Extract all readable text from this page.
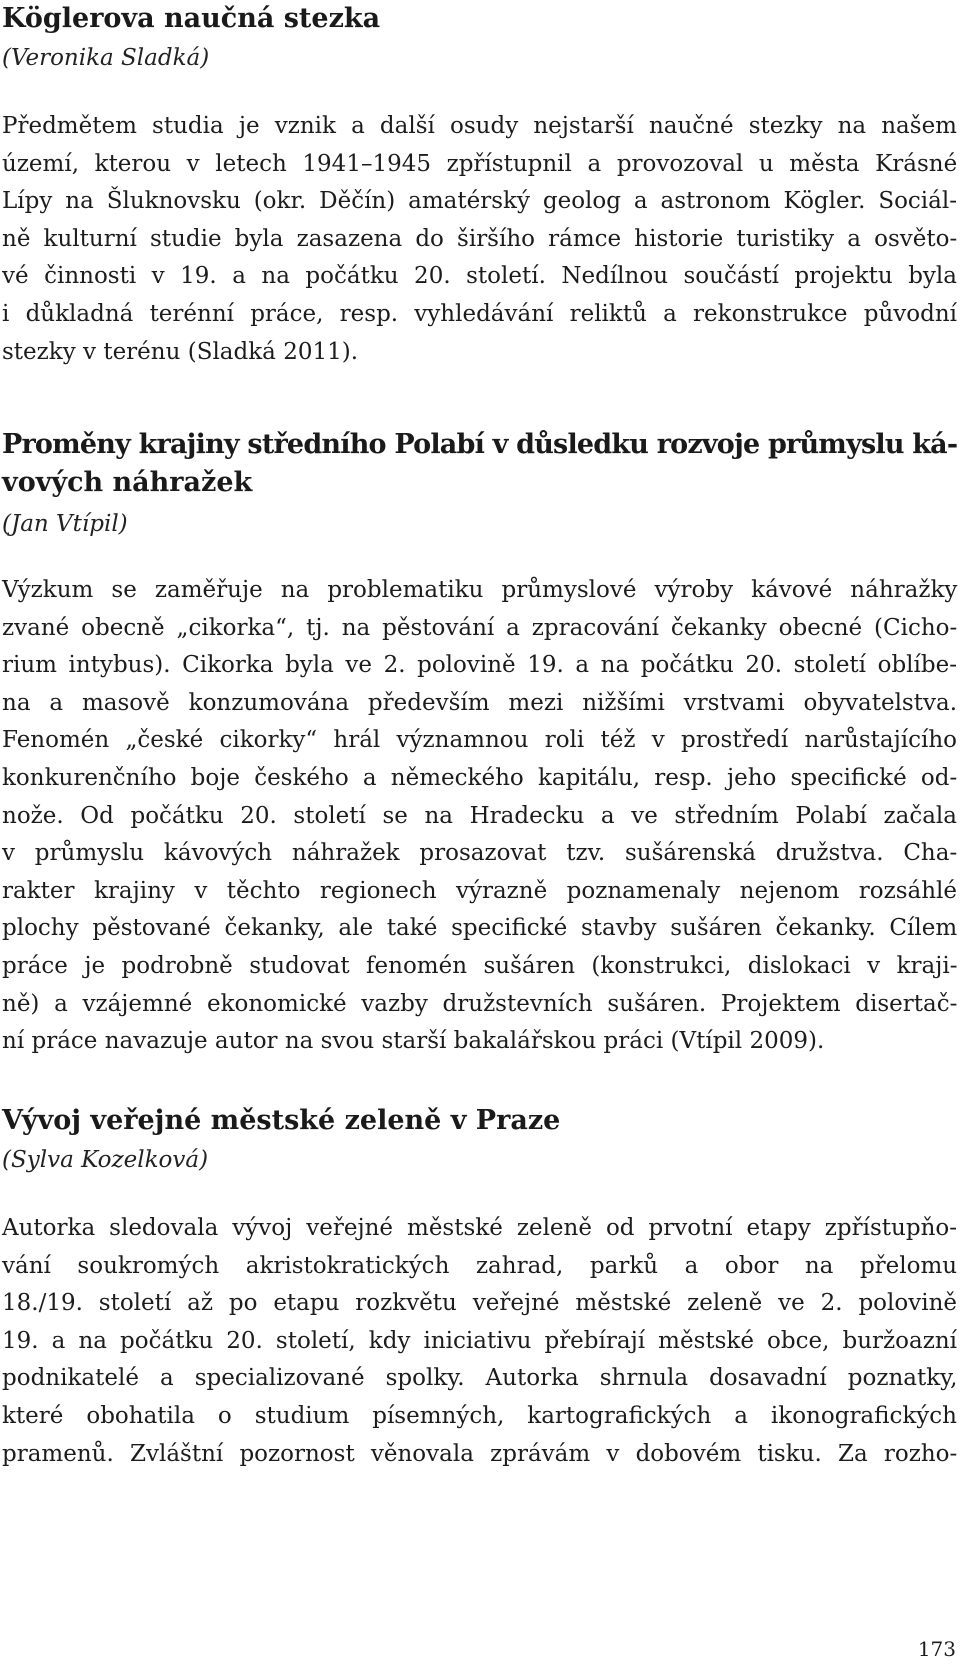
Köglerova naučná stezka

(Veronika Sladká)

Předmětem studia je vznik a další osudy nejstarší naučné stezky na našem
území, kterou v letech 1941–1945 zpřístupnil a provozoval u města Krásné
Lípy na Šluknovsku (okr. Děčín) amatérský geolog a astronom Kögler. Sociál-
ně kulturní studie byla zasazena do širšího rámce historie turistiky a osvěto-
vé činnosti v 19. a na počátku 20. století. Nedílnou součástí projektu byla
i důkladná terénní práce, resp. vyhledávání reliktů a rekonstrukce původní
stezky v terénu (Sladká 2011).
Proměny krajiny středního Polabí v důsledku rozvoje průmyslu ká-
vových náhražek

(Jan Vtípil)

Výzkum se zaměřuje na problematiku průmyslové výroby kávové náhražky
zvané obecně „cikorka“, tj. na pěstování a zpracování čekanky obecné (Cicho-
rium intybus). Cikorka byla ve 2. polovině 19. a na počátku 20. století oblíbe-
na a masově konzumována především mezi nižšími vrstvami obyvatelstva.
Fenomén „české cikorky“ hrál významnou roli též v prostředí narůstajícího
konkurenčního boje českého a německého kapitálu, resp. jeho specifické od-
nože. Od počátku 20. století se na Hradecku a ve středním Polabí začala
v průmyslu kávových náhražek prosazovat tzv. sušárenská družstva. Cha-
rakter krajiny v těchto regionech výrazně poznamenaly nejenom rozsáhlé
plochy pěstované čekanky, ale také specifické stavby sušáren čekanky. Cílem
práce je podrobně studovat fenomén sušáren (konstrukci, dislokaci v kraji-
ně) a vzájemné ekonomické vazby družstevních sušáren. Projektem disertač-
ní práce navazuje autor na svou starší bakalářskou práci (Vtípil 2009).
Vývoj veřejné městské zeleně v Praze

(Sylva Kozelková)

Autorka sledovala vývoj veřejné městské zeleně od prvotní etapy zpřístupňo-
vání soukromých akristokratických zahrad, parků a obor na přelomu
18./19. století až po etapu rozkvětu veřejné městské zeleně ve 2. polovině
19. a na počátku 20. století, kdy iniciativu přebírají městské obce, buržoazní
podnikatelé a specializované spolky. Autorka shrnula dosavadní poznatky,
které obohatila o studium písemných, kartografických a ikonografických
pramenů. Zvláštní pozornost věnovala zprávám v dobovém tisku. Za rozho-
173
